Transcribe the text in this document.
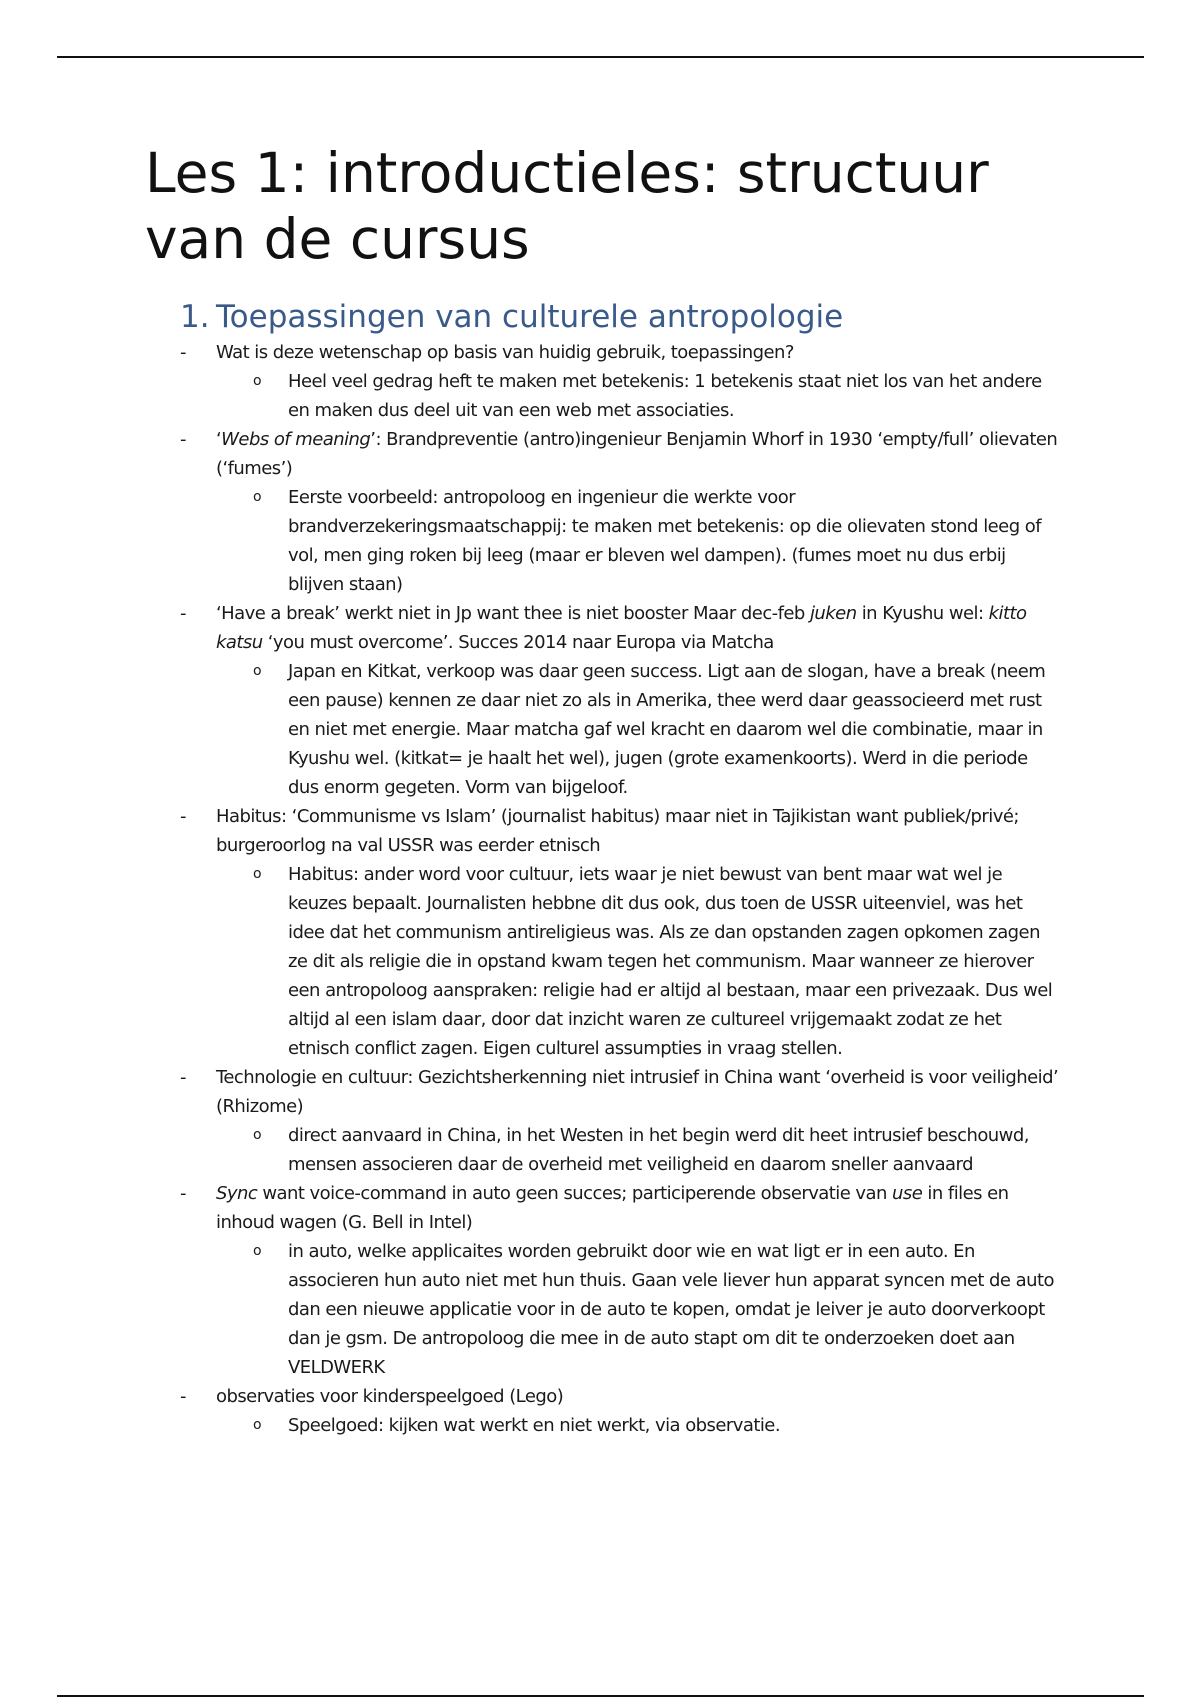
Les 1: introductieles: structuur van de cursus
1. Toepassingen van culturele antropologie
- Wat is deze wetenschap op basis van huidig gebruik, toepassingen?
o Heel veel gedrag heft te maken met betekenis: 1 betekenis staat niet los van het andere en maken dus deel uit van een web met associaties.
- ‘Webs of meaning’: Brandpreventie (antro)ingenieur Benjamin Whorf in 1930 ‘empty/full’ olievaten (‘fumes’)
o Eerste voorbeeld: antropoloog en ingenieur die werkte voor brandverzekeringsmaatschappij: te maken met betekenis: op die olievaten stond leeg of vol, men ging roken bij leeg (maar er bleven wel dampen). (fumes moet nu dus erbij blijven staan)
- ‘Have a break’ werkt niet in Jp want thee is niet booster Maar dec-feb juken in Kyushu wel: kitto katsu ‘you must overcome’. Succes 2014 naar Europa via Matcha
o Japan en Kitkat, verkoop was daar geen success. Ligt aan de slogan, have a break (neem een pause) kennen ze daar niet zo als in Amerika, thee werd daar geassocieerd met rust en niet met energie. Maar matcha gaf wel kracht en daarom wel die combinatie, maar in Kyushu wel. (kitkat= je haalt het wel), jugen (grote examenkoorts). Werd in die periode dus enorm gegeten. Vorm van bijgeloof.
- Habitus: ‘Communisme vs Islam’ (journalist habitus) maar niet in Tajikistan want publiek/privé; burgeroorlog na val USSR was eerder etnisch
o Habitus: ander word voor cultuur, iets waar je niet bewust van bent maar wat wel je keuzes bepaalt. Journalisten hebbne dit dus ook, dus toen de USSR uiteenviel, was het idee dat het communism antireligieus was. Als ze dan opstanden zagen opkomen zagen ze dit als religie die in opstand kwam tegen het communism. Maar wanneer ze hierover een antropoloog aanspraken: religie had er altijd al bestaan, maar een privezaak. Dus wel altijd al een islam daar, door dat inzicht waren ze cultureel vrijgemaakt zodat ze het etnisch conflict zagen. Eigen culturel assumpties in vraag stellen.
- Technologie en cultuur: Gezichtsherkenning niet intrusief in China want ‘overheid is voor veiligheid’ (Rhizome)
o direct aanvaard in China, in het Westen in het begin werd dit heet intrusief beschouwd, mensen associeren daar de overheid met veiligheid en daarom sneller aanvaard
- Sync want voice-command in auto geen succes; participerende observatie van use in files en inhoud wagen (G. Bell in Intel)
o in auto, welke applicaites worden gebruikt door wie en wat ligt er in een auto. En associeren hun auto niet met hun thuis. Gaan vele liever hun apparat syncen met de auto dan een nieuwe applicatie voor in de auto te kopen, omdat je leiver je auto doorverkoopt dan je gsm. De antropoloog die mee in de auto stapt om dit te onderzoeken doet aan VELDWERK
- observaties voor kinderspeelgoed (Lego)
o Speelgoed: kijken wat werkt en niet werkt, via observatie.
